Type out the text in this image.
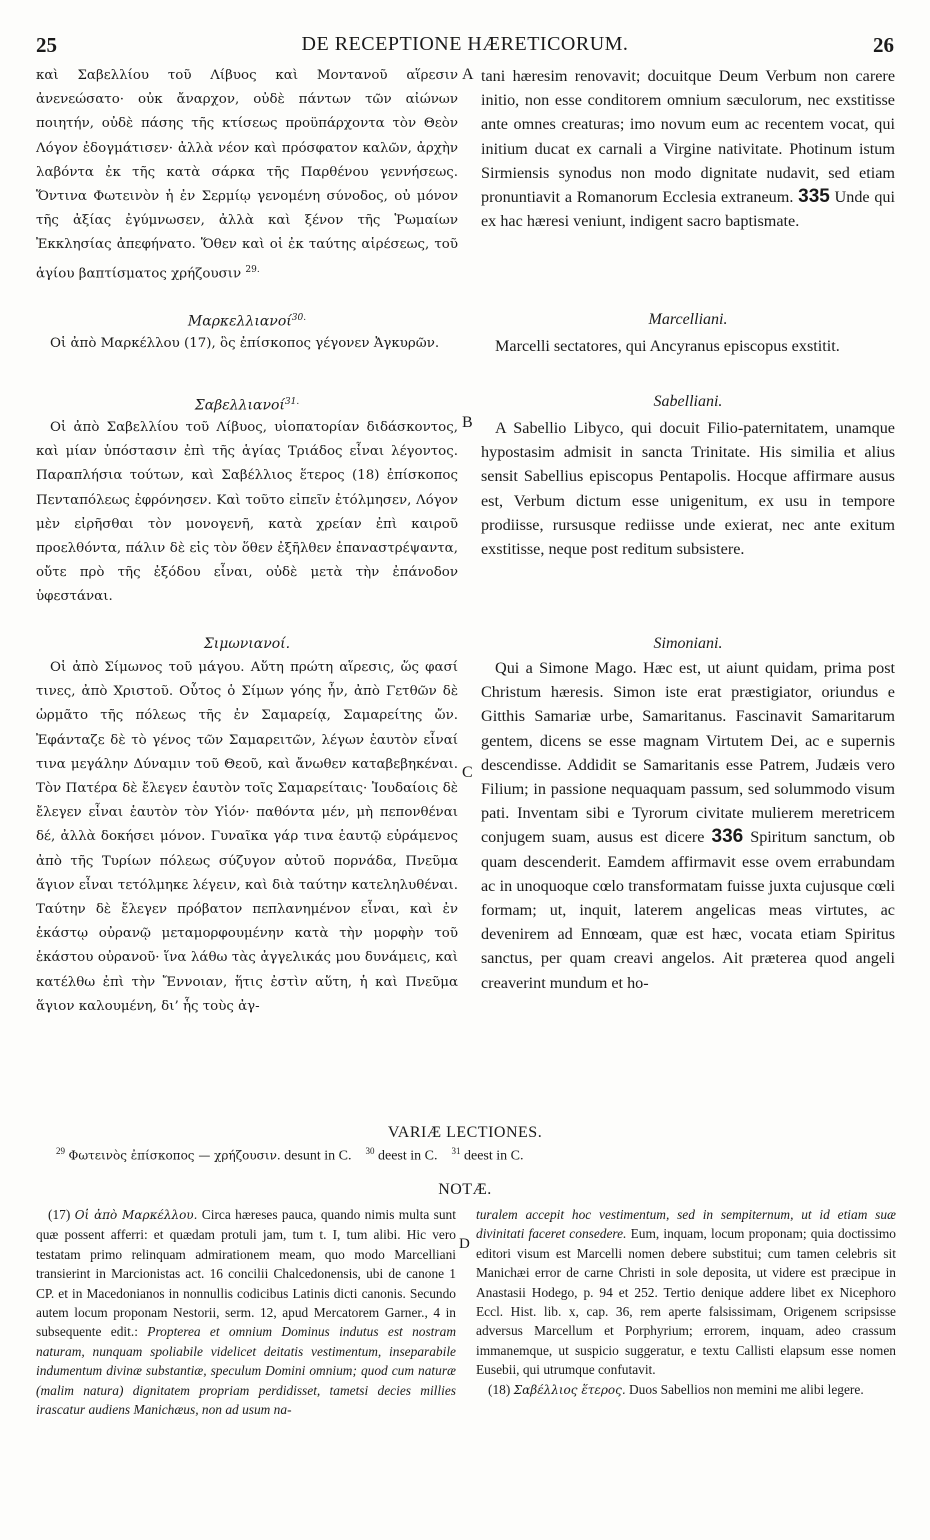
25	DE RECEPTIONE HÆRETICORUM.	26
A
B
C

καὶ Σαβελλίου τοῦ Λίβυος καὶ Μοντανοῦ αἵρεσιν ἀνενεώσατο· οὐκ ἄναρχον, οὐδὲ πάντων τῶν αἰώνων ποιητήν, οὐδὲ πάσης τῆς κτίσεως προϋπάρχοντα τὸν Θεὸν Λόγον ἐδογμάτισεν· ἀλλὰ νέον καὶ πρόσφατον καλῶν, ἀρχὴν λαβόντα ἐκ τῆς κατὰ σάρκα τῆς Παρθένου γεννήσεως. Ὅντινα Φωτεινὸν ἡ ἐν Σερμίῳ γενομένη σύνοδος, οὐ μόνον τῆς ἀξίας ἐγύμνωσεν, ἀλλὰ καὶ ξένον τῆς Ῥωμαίων Ἐκκλησίας ἀπεφήνατο. Ὅθεν καὶ οἱ ἐκ ταύτης αἱρέσεως, τοῦ ἁγίου βαπτίσματος χρήζουσιν $^{29.}$

Μαρκελλιανοί$^{30.}$

Οἱ ἀπὸ Μαρκέλλου (17), ὃς ἐπίσκοπος γέγονεν Ἀγκυρῶν.

Σαβελλιανοί$^{31.}$

Οἱ ἀπὸ Σαβελλίου τοῦ Λίβυος, υἱοπατορίαν διδάσκοντος, καὶ μίαν ὑπόστασιν ἐπὶ τῆς ἁγίας Τριάδος εἶναι λέγοντος. Παραπλήσια τούτων, καὶ Σαβέλλιος ἕτερος (18) ἐπίσκοπος Πενταπόλεως ἐφρόνησεν. Καὶ τοῦτο εἰπεῖν ἐτόλμησεν, Λόγον μὲν εἰρῆσθαι τὸν μονογενῆ, κατὰ χρείαν ἐπὶ καιροῦ προελθόντα, πάλιν δὲ εἰς τὸν ὅθεν ἐξῆλθεν ἐπαναστρέψαντα, οὔτε πρὸ τῆς ἐξόδου εἶναι, οὐδὲ μετὰ τὴν ἐπάνοδον ὑφεστάναι.

Σιμωνιανοί.

Οἱ ἀπὸ Σίμωνος τοῦ μάγου. Αὕτη πρώτη αἵρεσις, ὥς φασί τινες, ἀπὸ Χριστοῦ. Οὗτος ὁ Σίμων γόης ἦν, ἀπὸ Γετθῶν δὲ ὡρμᾶτο τῆς πόλεως τῆς ἐν Σαμαρείᾳ, Σαμαρείτης ὤν. Ἐφάνταζε δὲ τὸ γένος τῶν Σαμαρειτῶν, λέγων ἑαυτὸν εἶναί τινα μεγάλην Δύναμιν τοῦ Θεοῦ, καὶ ἄνωθεν καταβεβηκέναι. Τὸν Πατέρα δὲ ἔλεγεν ἑαυτὸν τοῖς Σαμαρείταις· Ἰουδαίοις δὲ ἔλεγεν εἶναι ἑαυτὸν τὸν Υἱόν· παθόντα μέν, μὴ πεπονθέναι δέ, ἀλλὰ δοκήσει μόνον. Γυναῖκα γάρ τινα ἑαυτῷ εὑράμενος ἀπὸ τῆς Τυρίων πόλεως σύζυγον αὐτοῦ πορνάδα, Πνεῦμα ἅγιον εἶναι τετόλμηκε λέγειν, καὶ διὰ ταύτην κατεληλυθέναι. Ταύτην δὲ ἔλεγεν πρόβατον πεπλανημένον εἶναι, καὶ ἐν ἑκάστῳ οὐρανῷ μεταμορφουμένην κατὰ τὴν μορφὴν τοῦ ἑκάστου οὐρανοῦ· ἵνα λάθω τὰς ἀγγελικάς μου δυνάμεις, καὶ κατέλθω ἐπὶ τὴν Ἔννοιαν, ἥτις ἐστὶν αὕτη, ἡ καὶ Πνεῦμα ἅγιον καλουμένη, δι’ ἧς τοὺς ἀγ-

tani hæresim renovavit; docuitque Deum Verbum non carere initio, non esse conditorem omnium sæculorum, nec exstitisse ante omnes creaturas; imo novum eum ac recentem vocat, qui initium ducat ex carnali a Virgine nativitate. Photinum istum Sirmiensis synodus non modo dignitate nudavit, sed etiam pronuntiavit a Romanorum Ecclesia extraneum. 335 Unde qui ex hac hæresi veniunt, indigent sacro baptismate.

Marcelliani.

Marcelli sectatores, qui Ancyranus episcopus exstitit.

Sabelliani.

A Sabellio Libyco, qui docuit Filio-paternitatem, unamque hypostasim admisit in sancta Trinitate. His similia et alius sensit Sabellius episcopus Pentapolis. Hocque affirmare ausus est, Verbum dictum esse unigenitum, ex usu in tempore prodiisse, rursusque rediisse unde exierat, nec ante exitum exstitisse, neque post reditum subsistere.

Simoniani.

Qui a Simone Mago. Hæc est, ut aiunt quidam, prima post Christum hæresis. Simon iste erat præstigiator, oriundus e Gitthis Samariæ urbe, Samaritanus. Fascinavit Samaritarum gentem, dicens se esse magnam Virtutem Dei, ac e supernis descendisse. Addidit se Samaritanis esse Patrem, Judæis vero Filium; in passione nequaquam passum, sed solummodo visum pati. Inventam sibi e Tyrorum civitate mulierem meretricem conjugem suam, ausus est dicere 336 Spiritum sanctum, ob quam descenderit. Eamdem affirmavit esse ovem errabundam ac in unoquoque cœlo transformatam fuisse juxta cujusque cœli formam; ut, inquit, laterem angelicas meas virtutes, ac devenirem ad Ennœam, quæ est hæc, vocata etiam Spiritus sanctus, per quam creavi angelos. Ait præterea quod angeli creaverint mundum et ho-

VARIÆ LECTIONES.
$^{29}$ Φωτεινὸς ἐπίσκοπος — χρήζουσιν. desunt in C. $^{30}$ deest in C. $^{31}$ deest in C.
NOTÆ.
D

(17) Οἱ ἀπὸ Μαρκέλλου. Circa hæreses pauca, quando nimis multa sunt quæ possent afferri: et quædam protuli jam, tum t. I, tum alibi. Hic vero testatam primo relinquam admirationem meam, quo modo Marcelliani transierint in Marcionistas act. 16 concilii Chalcedonensis, ubi de canone 1 CP. et in Macedonianos in nonnullis codicibus Latinis dicti canonis. Secundo autem locum proponam Nestorii, serm. 12, apud Mercatorem Garner., 4 in subsequente edit.: Propterea et omnium Dominus indutus est nostram naturam, nunquam spoliabile videlicet deitatis vestimentum, inseparabile indumentum divinæ substantiæ, speculum Domini omnium; quod cum naturæ (malim natura) dignitatem propriam perdidisset, tametsi decies millies irascatur audiens Manichæus, non ad usum na-

turalem accepit hoc vestimentum, sed in sempiternum, ut id etiam suæ divinitati faceret consedere. Eum, inquam, locum proponam; quia doctissimo editori visum est Marcelli nomen debere substitui; cum tamen celebris sit Manichæi error de carne Christi in sole deposita, ut videre est præcipue in Anastasii Hodego, p. 94 et 252. Tertio denique addere libet ex Nicephoro Eccl. Hist. lib. x, cap. 36, rem aperte falsissimam, Origenem scripsisse adversus Marcellum et Porphyrium; errorem, inquam, adeo crassum immanemque, ut suspicio suggeratur, e textu Callisti elapsum esse nomen Eusebii, qui utrumque confutavit.

(18) Σαβέλλιος ἕτερος. Duos Sabellios non memini me alibi legere.
